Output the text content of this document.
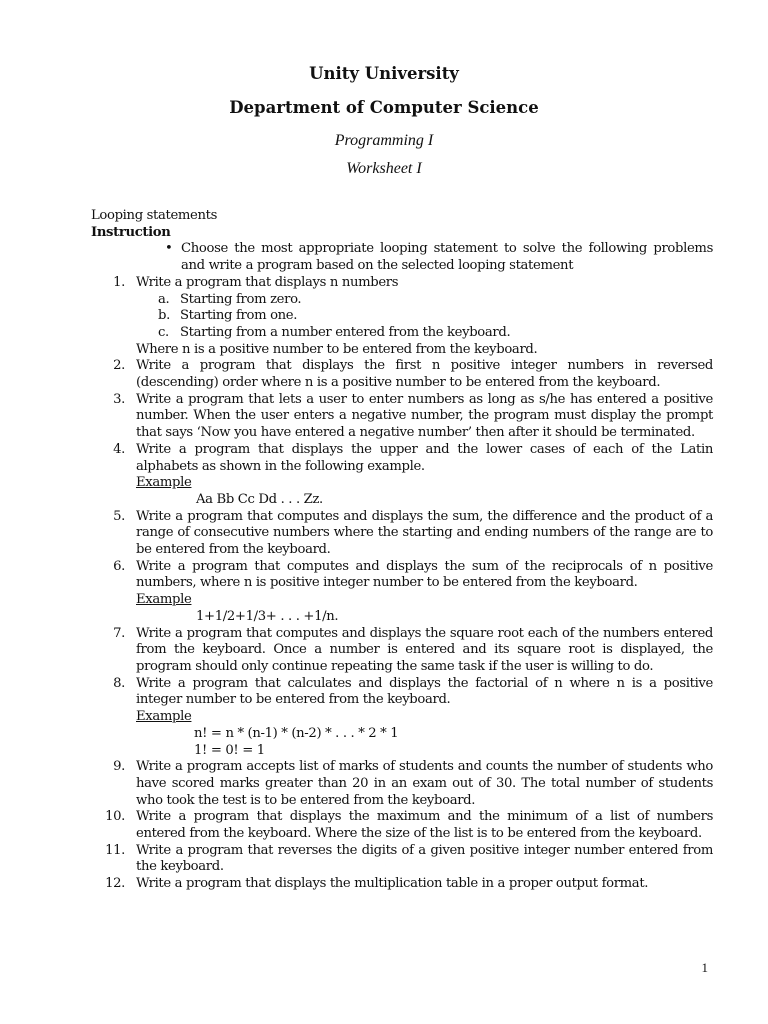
Unity University
Department of Computer Science
Programming I
Worksheet I

Looping statements

Instruction

• Choose the most appropriate looping statement to solve the following problems and write a program based on the selected looping statement
1. Write a program that displays n numbers
a. Starting from zero.
b. Starting from one.
c. Starting from a number entered from the keyboard.
Where n is a positive number to be entered from the keyboard.
2. Write a program that displays the first n positive integer numbers in reversed (descending) order where n is a positive number to be entered from the keyboard.
3. Write a program that lets a user to enter numbers as long as s/he has entered a positive number. When the user enters a negative number, the program must display the prompt that says ‘Now you have entered a negative number’ then after it should be terminated.
4. Write a program that displays the upper and the lower cases of each of the Latin alphabets as shown in the following example.
Example
Aa Bb Cc Dd . . . Zz.
5. Write a program that computes and displays the sum, the difference and the product of a range of consecutive numbers where the starting and ending numbers of the range are to be entered from the keyboard.
6. Write a program that computes and displays the sum of the reciprocals of n positive numbers, where n is positive integer number to be entered from the keyboard.
Example
1+1/2+1/3+ . . . +1/n.
7. Write a program that computes and displays the square root each of the numbers entered from the keyboard. Once a number is entered and its square root is displayed, the program should only continue repeating the same task if the user is willing to do.
8. Write a program that calculates and displays the factorial of n where n is a positive integer number to be entered from the keyboard.
Example
n! = n * (n-1) * (n-2) * . . . * 2 * 1
1! = 0! = 1
9. Write a program accepts list of marks of students and counts the number of students who have scored marks greater than 20 in an exam out of 30. The total number of students who took the test is to be entered from the keyboard.
10. Write a program that displays the maximum and the minimum of a list of numbers entered from the keyboard. Where the size of the list is to be entered from the keyboard.
11. Write a program that reverses the digits of a given positive integer number entered from the keyboard.
12. Write a program that displays the multiplication table in a proper output format.
1
